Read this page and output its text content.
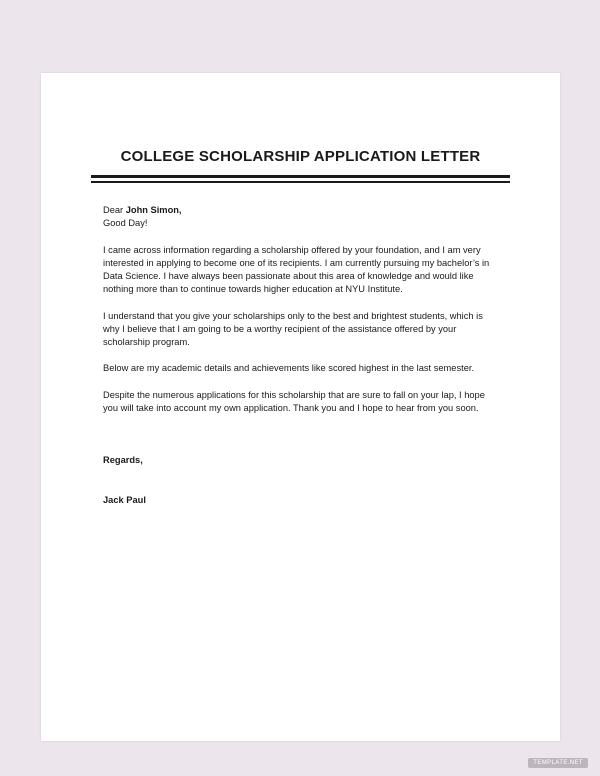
COLLEGE SCHOLARSHIP APPLICATION LETTER

Dear John Simon,

Good Day!

I came across information regarding a scholarship offered by your foundation, and I am very interested in applying to become one of its recipients. I am currently pursuing my bachelor’s in Data Science. I have always been passionate about this area of knowledge and would like nothing more than to continue towards higher education at NYU Institute.

I understand that you give your scholarships only to the best and brightest students, which is why I believe that I am going to be a worthy recipient of the assistance offered by your scholarship program.

Below are my academic details and achievements like scored highest in the last semester.

Despite the numerous applications for this scholarship that are sure to fall on your lap, I hope you will take into account my own application. Thank you and I hope to hear from you soon.

Regards,

Jack Paul

TEMPLATE.NET
